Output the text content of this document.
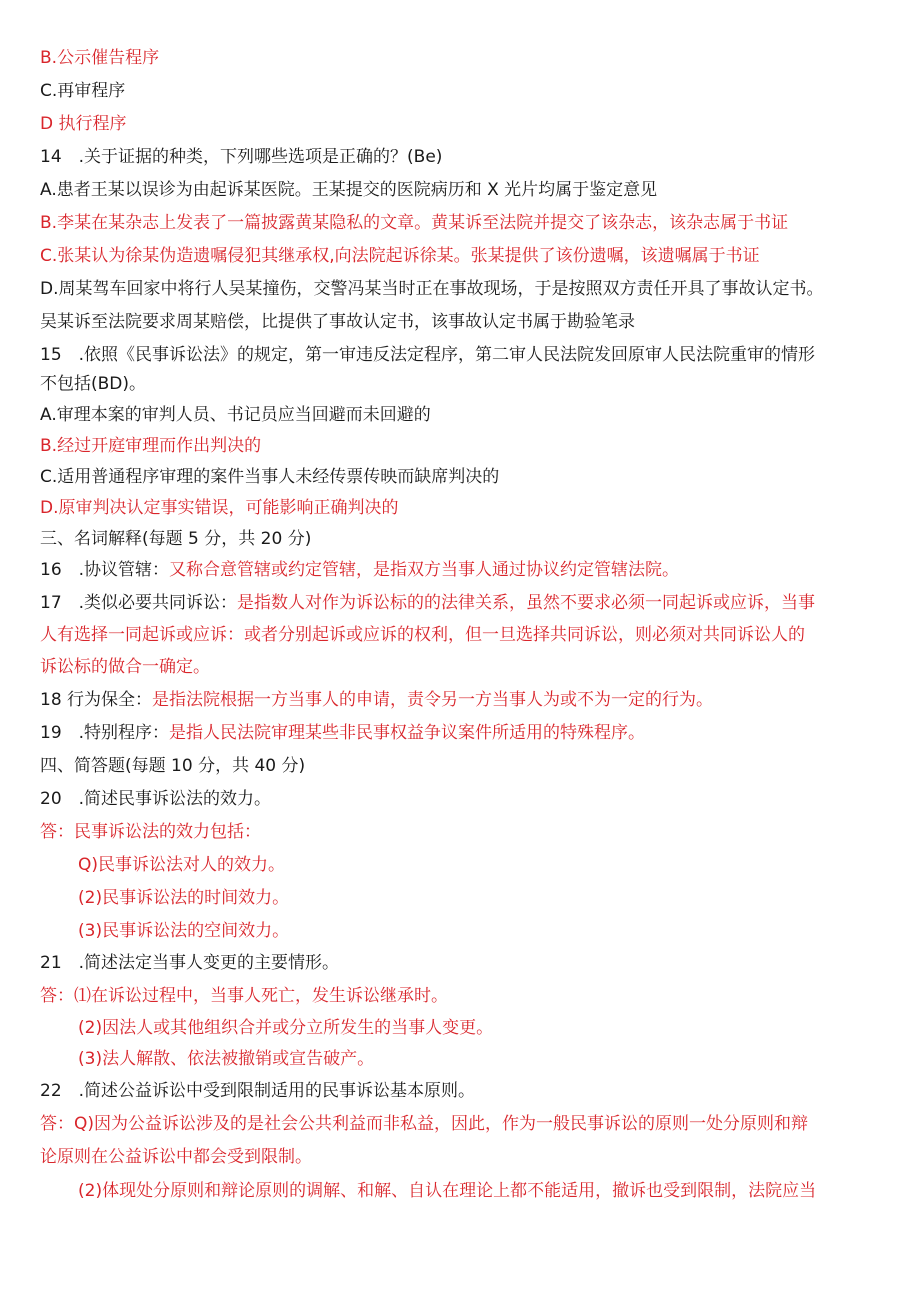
B.公示催告程序
C.再审程序
D 执行程序
14　.关于证据的种类，下列哪些选项是正确的？(Be)
A.患者王某以误诊为由起诉某医院。王某提交的医院病历和 X 光片均属于鉴定意见
B.李某在某杂志上发表了一篇披露黄某隐私的文章。黄某诉至法院并提交了该杂志，该杂志属于书证
C.张某认为徐某伪造遗嘱侵犯其继承权,向法院起诉徐某。张某提供了该份遗嘱，该遗嘱属于书证
D.周某驾车回家中将行人吴某撞伤，交警冯某当时正在事故现场，于是按照双方责任开具了事故认定书。
吴某诉至法院要求周某赔偿，比提供了事故认定书，该事故认定书属于勘验笔录
15　.依照《民事诉讼法》的规定，第一审违反法定程序，第二审人民法院发回原审人民法院重审的情形
不包括(BD)。
A.审理本案的审判人员、书记员应当回避而未回避的
B.经过开庭审理而作出判决的
C.适用普通程序审理的案件当事人未经传票传映而缺席判决的
D.原审判决认定事实错误，可能影响正确判决的
三、名词解释(每题 5 分，共 20 分)
16　.协议管辖：又称合意管辖或约定管辖，是指双方当事人通过协议约定管辖法院。
17　.类似必要共同诉讼：是指数人对作为诉讼标的的法律关系，虽然不要求必须一同起诉或应诉，当事
人有选择一同起诉或应诉：或者分别起诉或应诉的权利，但一旦选择共同诉讼，则必须对共同诉讼人的
诉讼标的做合一确定。
18 行为保全：是指法院根据一方当事人的申请，责令另一方当事人为或不为一定的行为。
19　.特别程序：是指人民法院审理某些非民事权益争议案件所适用的特殊程序。
四、简答题(每题 10 分，共 40 分)
20　.简述民事诉讼法的效力。
答：民事诉讼法的效力包括：
Q)民事诉讼法对人的效力。
(2)民事诉讼法的时间效力。
(3)民事诉讼法的空间效力。
21　.简述法定当事人变更的主要情形。
答：⑴在诉讼过程中，当事人死亡，发生诉讼继承时。
(2)因法人或其他组织合并或分立所发生的当事人变更。
(3)法人解散、依法被撤销或宣告破产。
22　.简述公益诉讼中受到限制适用的民事诉讼基本原则。
答：Q)因为公益诉讼涉及的是社会公共利益而非私益，因此，作为一般民事诉讼的原则一处分原则和辩
论原则在公益诉讼中都会受到限制。
(2)体现处分原则和辩论原则的调解、和解、自认在理论上都不能适用，撤诉也受到限制，法院应当
